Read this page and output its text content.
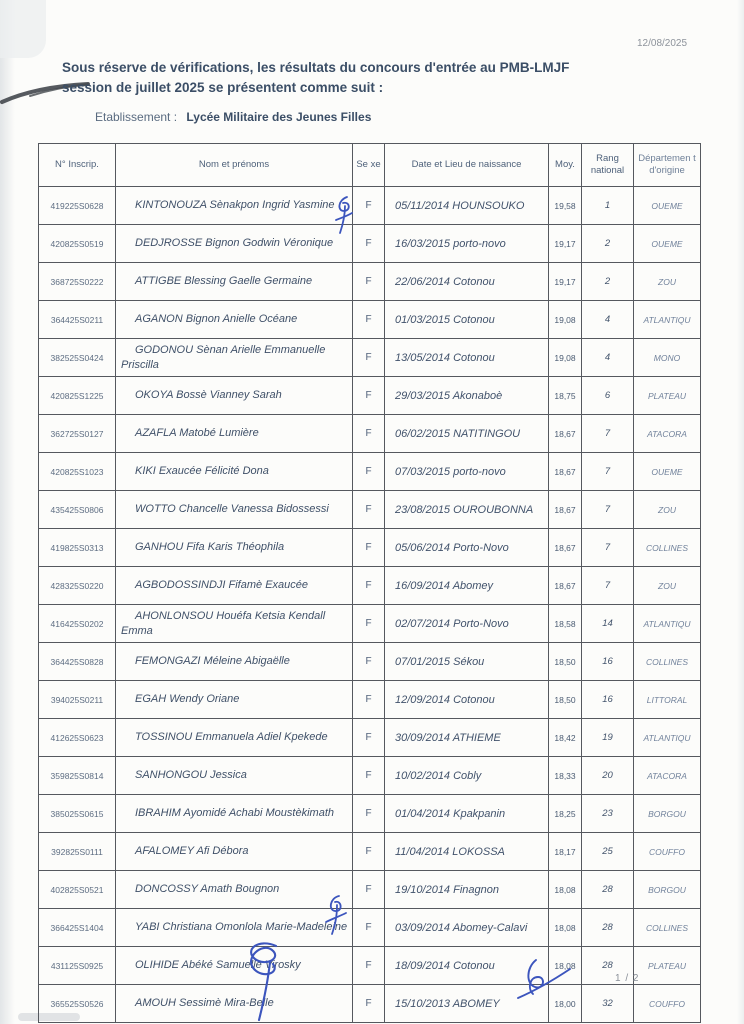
12/08/2025
Sous réserve de vérifications, les résultats du concours d'entrée au PMB-LMJF
session de juillet 2025 se présentent comme suit :
Etablissement : Lycée Militaire des Jeunes Filles
N° Inscrip.	Nom et prénoms	Se xe	Date et Lieu de naissance	Moy.	Rang national	Départemen t d'origine
419225S0628	KINTONOUZA Sènakpon Ingrid Yasmine	F	05/11/2014 HOUNSOUKO	19,58	1	OUEME
420825S0519	DEDJROSSE Bignon Godwin Véronique	F	16/03/2015 porto-novo	19,17	2	OUEME
368725S0222	ATTIGBE Blessing Gaelle Germaine	F	22/06/2014 Cotonou	19,17	2	ZOU
364425S0211	AGANON Bignon Anielle Océane	F	01/03/2015 Cotonou	19,08	4	ATLANTIQU
382525S0424	GODONOU Sènan Arielle Emmanuelle Priscilla	F	13/05/2014 Cotonou	19,08	4	MONO
420825S1225	OKOYA Bossè Vianney Sarah	F	29/03/2015 Akonaboè	18,75	6	PLATEAU
362725S0127	AZAFLA Matobé Lumière	F	06/02/2015 NATITINGOU	18,67	7	ATACORA
420825S1023	KIKI Exaucée Félicité Dona	F	07/03/2015 porto-novo	18,67	7	OUEME
435425S0806	WOTTO Chancelle Vanessa Bidossessi	F	23/08/2015 OUROUBONNA	18,67	7	ZOU
419825S0313	GANHOU Fifa Karis Théophila	F	05/06/2014 Porto-Novo	18,67	7	COLLINES
428325S0220	AGBODOSSINDJI Fifamè Exaucée	F	16/09/2014 Abomey	18,67	7	ZOU
416425S0202	AHONLONSOU Houéfa Ketsia Kendall Emma	F	02/07/2014 Porto-Novo	18,58	14	ATLANTIQU
364425S0828	FEMONGAZI Méleine Abigaëlle	F	07/01/2015 Sékou	18,50	16	COLLINES
394025S0211	EGAH Wendy Oriane	F	12/09/2014 Cotonou	18,50	16	LITTORAL
412625S0623	TOSSINOU Emmanuela Adiel Kpekede	F	30/09/2014 ATHIEME	18,42	19	ATLANTIQU
359825S0814	SANHONGOU Jessica	F	10/02/2014 Cobly	18,33	20	ATACORA
385025S0615	IBRAHIM Ayomidé Achabi Moustèkimath	F	01/04/2014 Kpakpanin	18,25	23	BORGOU
392825S0111	AFALOMEY Afi Débora	F	11/04/2014 LOKOSSA	18,17	25	COUFFO
402825S0521	DONCOSSY Amath Bougnon	F	19/10/2014 Finagnon	18,08	28	BORGOU
366425S1404	YABI Christiana Omonlola Marie-Madeleine	F	03/09/2014 Abomey-Calavi	18,08	28	COLLINES
431125S0925	OLIHIDE Abéké Samuelle Virosky	F	18/09/2014 Cotonou	18,08	28	PLATEAU
365525S0526	AMOUH Sessimè Mira-Belle	F	15/10/2013 ABOMEY	18,00	32	COUFFO
1 / 2
